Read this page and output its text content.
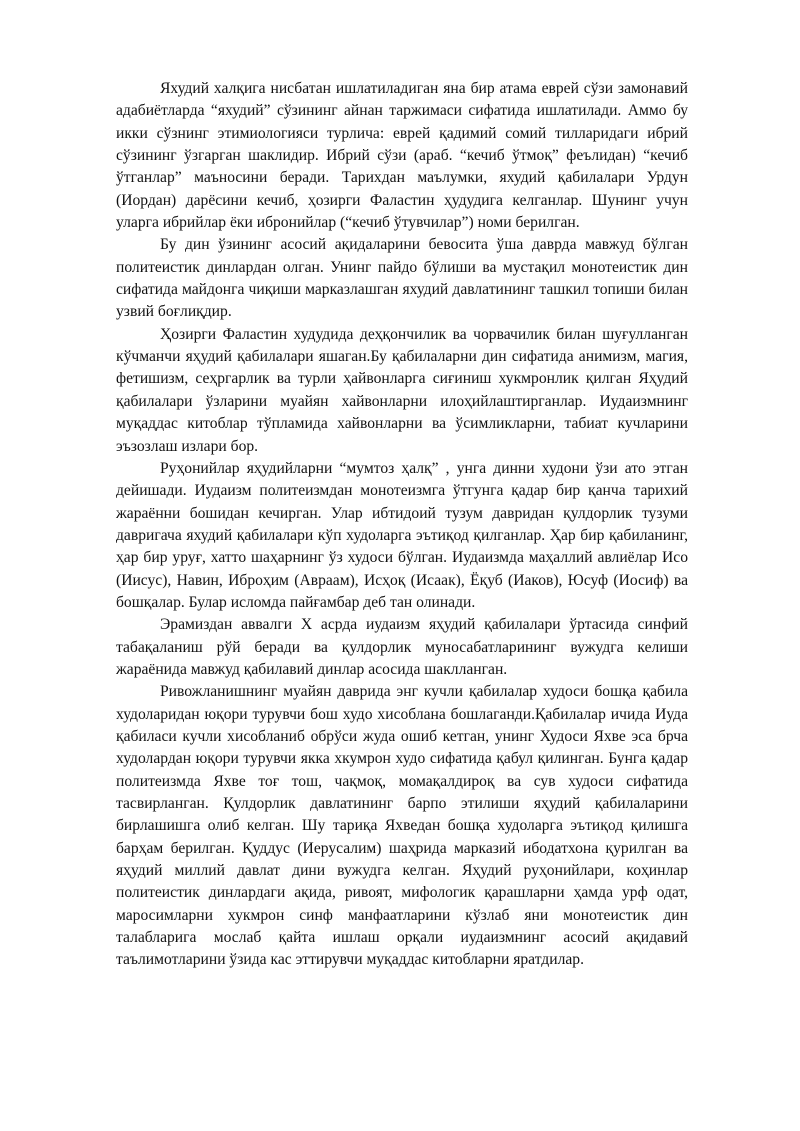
Яхудий халқига нисбатан ишлатиладиган яна бир атама еврей сўзи замонавий адабиётларда “яхудий” сўзининг айнан таржимаси сифатида ишлатилади. Аммо бу икки сўзнинг этимиологияси турлича: еврей қадимий сомий тилларидаги ибрий сўзининг ўзгарган шаклидир. Ибрий сўзи (араб. “кечиб ўтмоқ” феълидан) “кечиб ўтганлар” маъносини беради. Тарихдан маълумки, яхудий қабилалари Урдун (Иордан) дарёсини кечиб, ҳозирги Фаластин ҳудудига келганлар. Шунинг учун уларга ибрийлар ёки ибронийлар (“кечиб ўтувчилар”) номи берилган.

Бу дин ўзининг асосий ақидаларини бевосита ўша даврда мавжуд бўлган политеистик динлардан олган. Унинг пайдо бўлиши ва мустақил монотеистик дин сифатида майдонга чиқиши марказлашган яхудий давлатининг ташкил топиши билан узвий боғлиқдир.

Ҳозирги Фаластин худудида деҳқончилик ва чорвачилик билан шуғулланган кўчманчи яҳудий қабилалари яшаган.Бу қабилаларни дин сифатида анимизм, магия, фетишизм, сеҳргарлик ва турли ҳайвонларга сиғиниш хукмронлик қилган Яҳудий қабилалари ўзларини муайян хайвонларни илоҳийлаштирганлар. Иудаизмнинг муқаддас китоблар тўпламида хайвонларни ва ўсимликларни, табиат кучларини эъзозлаш излари бор.

Руҳонийлар яҳудийларни “мумтоз ҳалқ” , унга динни худони ўзи ато этган дейишади. Иудаизм политеизмдан монотеизмга ўтгунга қадар бир қанча тарихий жараённи бошидан кечирган. Улар ибтидоий тузум давридан қулдорлик тузуми давригача яхудий қабилалари кўп худоларга эътиқод қилганлар. Ҳар бир қабиланинг, ҳар бир уруғ, хатто шаҳарнинг ўз худоси бўлган. Иудаизмда маҳаллий авлиёлар Исо (Иисус), Навин, Иброҳим (Авраам), Исҳоқ (Исаак), Ёқуб (Иаков), Юсуф (Иосиф) ва бошқалар. Булар исломда пайғамбар деб тан олинади.

Эрамиздан аввалги X асрда иудаизм яҳудий қабилалари ўртасида синфий табақаланиш рўй беради ва қулдорлик муносабатларининг вужудга келиши жараёнида мавжуд қабилавий динлар асосида шаклланган.

Ривожланишнинг муайян даврида энг кучли қабилалар худоси бошқа қабила худоларидан юқори турувчи бош худо хисоблана бошлаганди.Қабилалар ичида Иуда қабиласи кучли хисобланиб обрўси жуда ошиб кетган, унинг Худоси Яхве эса брча худолардан юқори турувчи якка хкумрон худо сифатида қабул қилинган. Бунга қадар политеизмда Яхве тоғ тош, чақмоқ, момақалдироқ ва сув худоси сифатида тасвирланган. Қулдорлик давлатининг барпо этилиши яҳудий қабилаларини бирлашишга олиб келган. Шу тариқа Яхведан бошқа худоларга эътиқод қилишга барҳам берилган. Қуддус (Иерусалим) шаҳрида марказий ибодатхона қурилган ва яҳудий миллий давлат дини вужудга келган. Яҳудий руҳонийлари, коҳинлар политеистик динлардаги ақида, ривоят, мифологик қарашларни ҳамда урф одат, маросимларни хукмрон синф манфаатларини кўзлаб яни монотеистик дин талабларига мослаб қайта ишлаш орқали иудаизмнинг асосий ақидавий таълимотларини ўзида кас эттирувчи муқаддас китобларни яратдилар.
